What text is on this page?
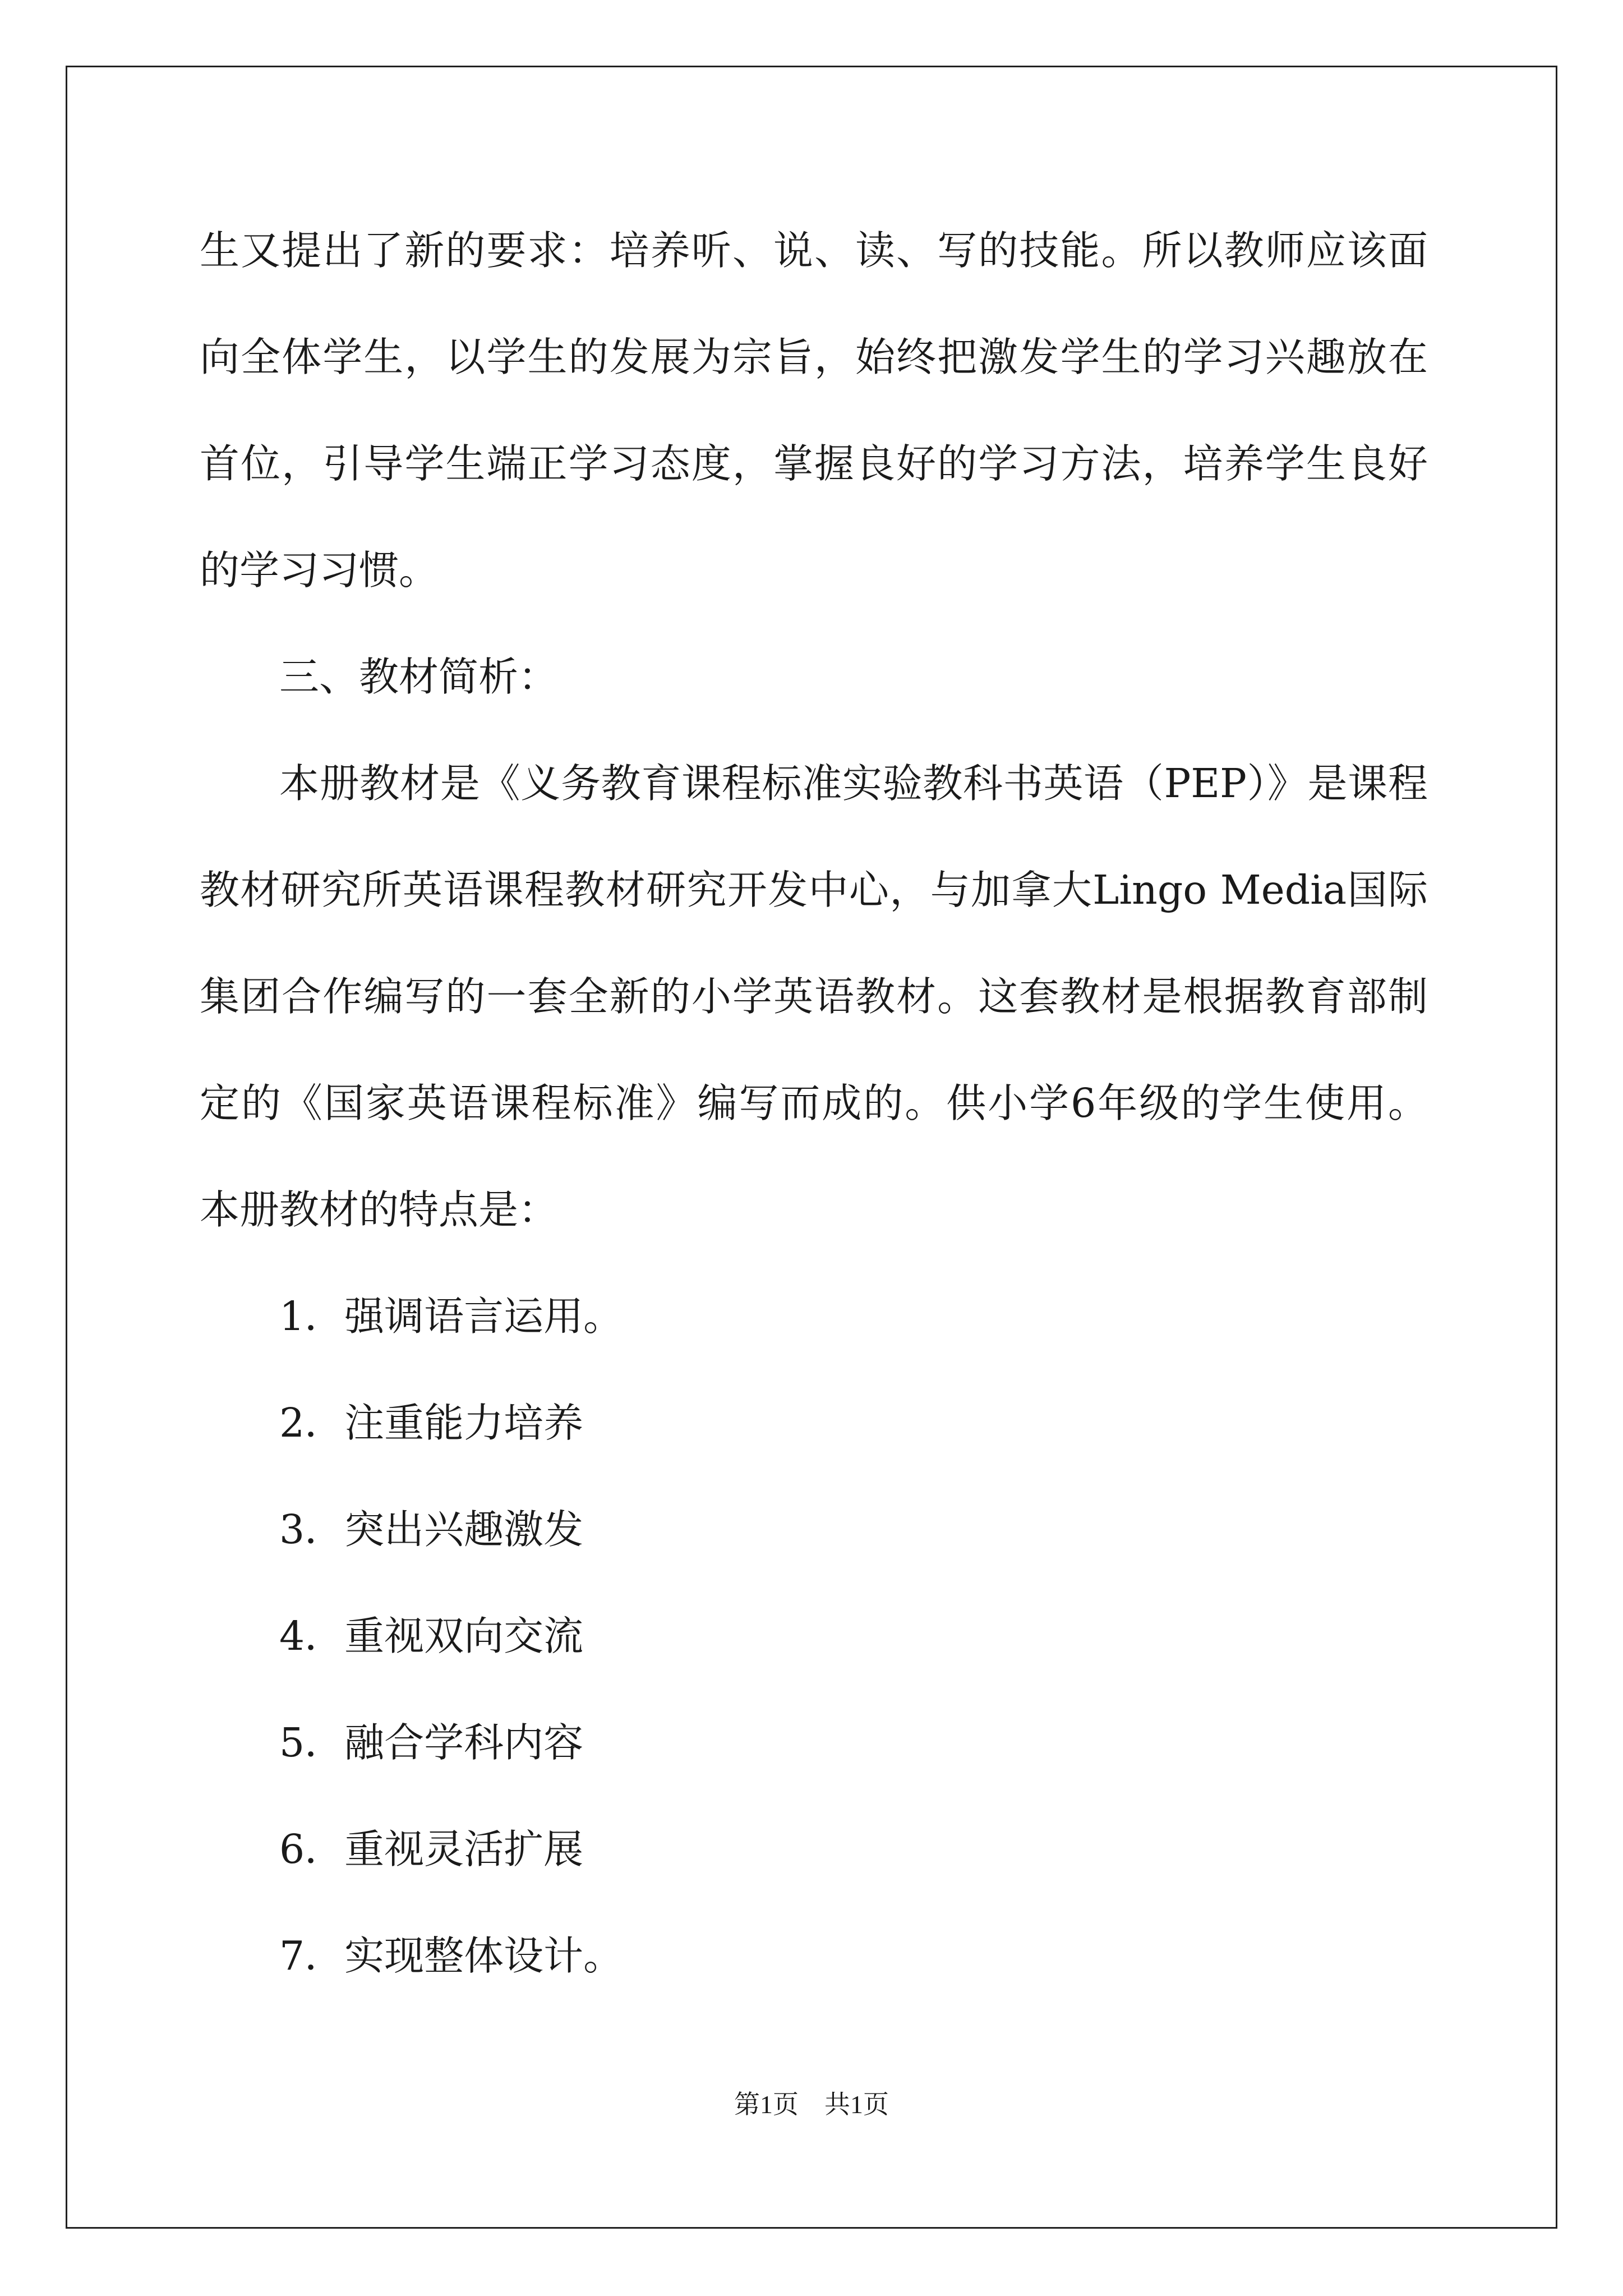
生又提出了新的要求：培养听、说、读、写的技能。所以教师应该面
向全体学生，以学生的发展为宗旨，始终把激发学生的学习兴趣放在
首位，引导学生端正学习态度，掌握良好的学习方法，培养学生良好
的学习习惯。
三、教材简析：
本册教材是《义务教育课程标准实验教科书英语（PEP）》是课程
教材研究所英语课程教材研究开发中心，与加拿大Lingo Media国际
集团合作编写的一套全新的小学英语教材。这套教材是根据教育部制
定的《国家英语课程标准》编写而成的。供小学6年级的学生使用。
本册教材的特点是：
1．强调语言运用。
2．注重能力培养
3．突出兴趣激发
4．重视双向交流
5．融合学科内容
6．重视灵活扩展
7．实现整体设计。
第1页　共1页
